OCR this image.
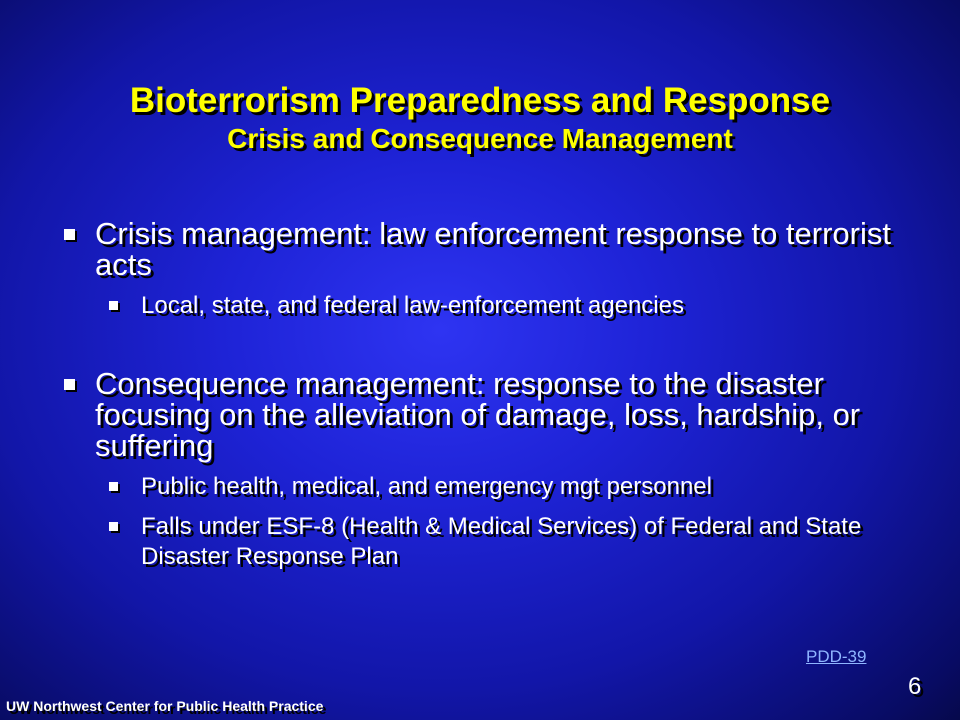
Bioterrorism Preparedness and Response
Crisis and Consequence Management
Crisis management: law enforcement response to terrorist acts
Local, state, and federal law-enforcement agencies
Consequence management: response to the disaster focusing on the alleviation of damage, loss, hardship, or suffering
Public health, medical, and emergency mgt personnel
Falls under ESF-8 (Health & Medical Services) of Federal and State Disaster Response Plan
PDD-39
6
UW Northwest Center for Public Health Practice
